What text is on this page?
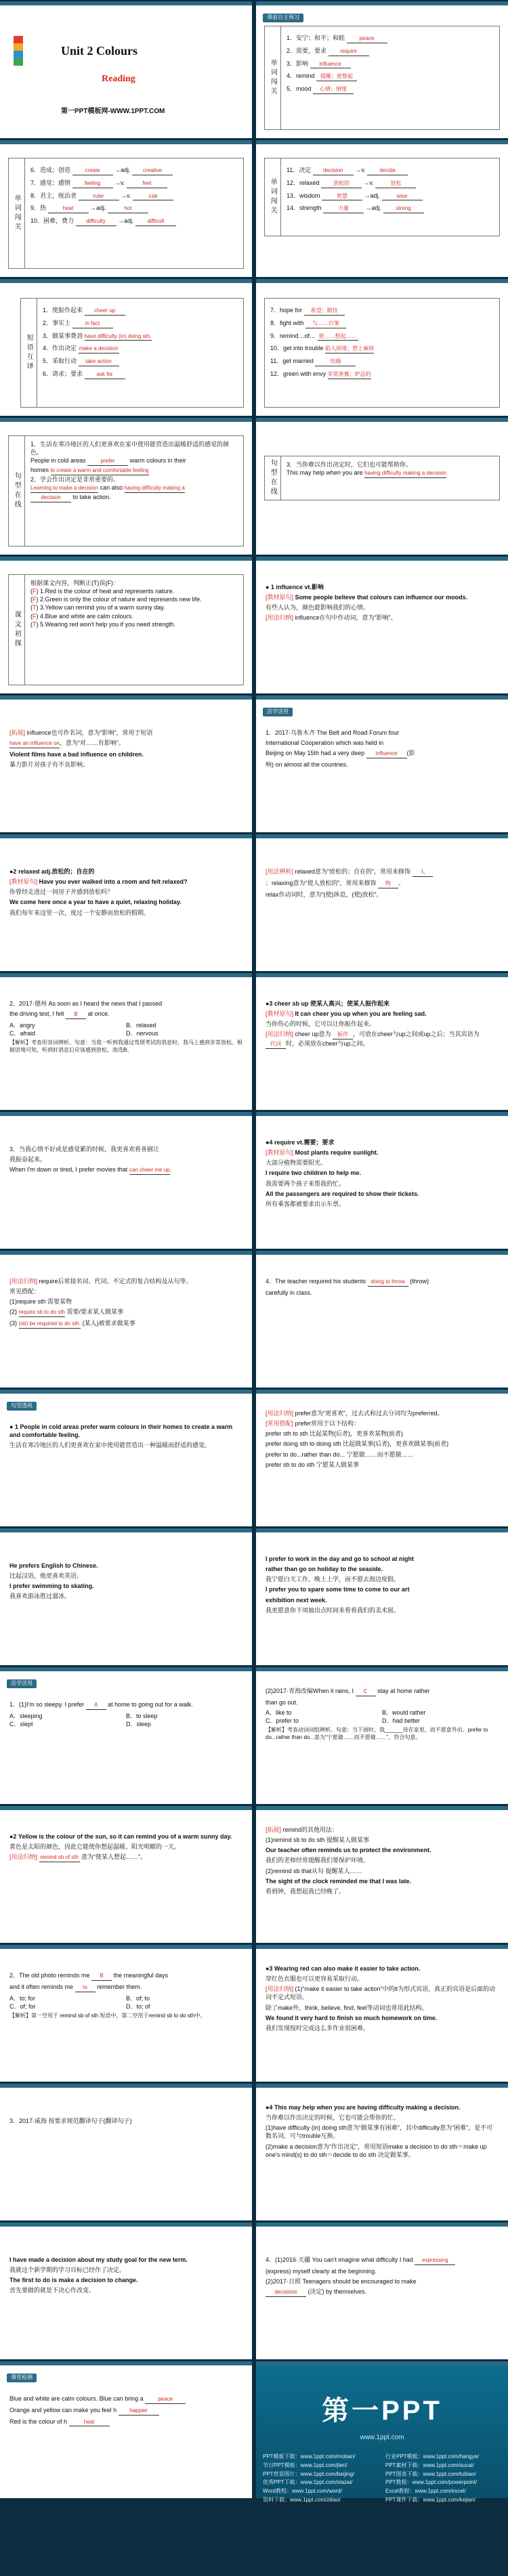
Unit 2 Colours
Reading
第一PPT模板网-WWW.1PPT.COM
课前自主预习
单词闯关
1．安宁；和平；和睦	peace
2．需要，要求	require
3．影响 influence
4．remind 提醒；使想起
5．mood 心情；情绪
单词闯关
6．造成；创造	create →adj. creative
7．感觉；感情	feeling →v.	feel
8．君主，统治者	ruler →v.	rule
9．热	heat →adj.	hot
10．困难，费力 difficulty →adj. difficult
单词闯关
11．决定 decision →v. decide
12．relaxed	放松的 →v.	放松
13．wisdom	智慧 →adj.	wise
14．strength	力量 →adj. strong
短语互译
1．使振作起来 cheer up
2．事实上	in fact
3．做某事费劲 have difficulty (in) doing sth.
4．作出决定 make a decision
5．采取行动 take action
6．请求；要求	ask for
7．hope for 希望；期待
8．fight with 与……打架
9．remind…of… 使……想起……
10．get into trouble 陷入困境；惹上麻烦
11．get married	结婚
12．green with envy 非常羡慕；妒忌的
句型在线

1．生活在寒冷地区的人们更喜欢在家中使用能营造出温暖舒适的感觉的颜色。

People in cold areas	prefer warm colours in their

homes to create a warm and comfortable feeling

2．学会作出决定是非常重要的。

Learning to make a decision can also having difficulty making a

decision to take action.	句型在线	3．当你难以作出决定时，它们也可能帮助你。

This may help when you are having difficulty making a decision

课文初探

根据课文内容，判断正(T)误(F)：

(F) 1.Red is the colour of heat and represents nature.

(F) 2.Green is only the colour of nature and represents new life.

(T) 3.Yellow can remind you of a warm sunny day.

(F) 4.Blue and white are calm colours.

(T) 5.Wearing red won't help you if you need strength.

● 1 influence vt.影响

[教材原句] Some people believe that colours can influence our moods.

有些人认为，颜色能影响我们的心情。

[用法归纳] influence在句中作动词，意为“影响”。

[拓展] influence也可作名词，意为“影响”，常用于短语

have an influence on，意为“对……有影响”。

Violent films have a bad influence on children.

暴力影片对孩子有不良影响。

活学活用

1．2017·乌鲁木齐 The Belt and Road Forum four

International Cooperation which was held in

Beijing on May 15th had a very deep influence (影

响) on almost all the countries.

●2 relaxed adj.放松的；自在的

[教材原句] Have you ever walked into a room and felt relaxed?

你曾经走进过一间房子并感到放松吗？

We come here once a year to have a quiet, relaxing holiday.

我们每年来这里一次，度过一个安静而放松的假期。

[用法辨析] relaxed意为“放松的；自在的”，常用来修饰 人

；relaxing意为“使人放松的”，常用来修饰 物 。

relax作动词时，意为“(使)休息，(使)放松”。

2．2017·德州 As soon as I heard the news that I passed

the driving test, I felt B at once.

A．angry	B．relaxed
C．afraid	D．nervous

【解析】考查形容词辨析。句意：当我一听到我通过驾照考试的消息时，我马上感到非常放松。根据语境可知，听到好消息后应该感到放松，故选B。

●3 cheer sb up 使某人高兴；使某人振作起来

[教材原句] It can cheer you up when you are feeling sad.

当你伤心的时候，它可以让你振作起来。

[用法归纳] cheer up意为 振作 ，可放在cheer与up之间或up之后；当其宾语为 代词 时，必须放在cheer与up之间。

3．当我心情不好或是感觉累的时候，我更喜欢看喜剧让

我振奋起来。

When I'm down or tired, I prefer movies that can cheer me up.

●4 require vt.需要；要求

[教材原句] Most plants require sunlight.

大部分植物需要阳光。

I require two children to help me.

我需要两个孩子来帮我的忙。

All the passengers are required to show their tickets.

所有乘客都被要求出示车票。

[用法归纳] require后常接名词、代词、不定式的复合结构及从句等。

常见搭配：

(1)require sth 需要某物

(2) require sb to do sth 需要/要求某人做某事

(3) (sb) be required to do sth. (某人)被要求做某事

4．The teacher required his students doing to throw (throw)

carefully in class.

句型透视

● 1 People in cold areas prefer warm colours in their homes to create a warm and comfortable feeling.

生活在寒冷地区的人们更喜欢在家中使用能营造出一种温暖而舒适的感觉。

[用法归纳] prefer意为“更喜欢”，过去式和过去分词均为preferred。

[常用搭配] prefer常用于以下结构：

prefer sth to sth 比起某物(后者)，更喜欢某物(前者)

prefer doing sth to doing sth 比起做某事(后者)，更喜欢做某事(前者)

prefer to do...rather than do... 宁愿做……而不愿做……

prefer sb to do sth 宁愿某人做某事

He prefers English to Chinese.

比起汉语，他更喜欢英语。

I prefer swimming to skating.

我喜欢游泳胜过溜冰。

I prefer to work in the day and go to school at night

rather than go on holiday to the seaside.

我宁愿白天工作，晚上上学，而不愿去海边度假。

I prefer you to spare some time to come to our art

exhibition next week.

我更愿意你下周抽出点时间来看看我们的美术展。

活学活用

1．(1)I'm so sleepy. I prefer A at home to going out for a walk.

A．sleeping	B．to sleep
C．slept	D．sleep

(2)2017·青海改编When it rains, I C stay at home rather

than go out.

A．like to	B．would rather
C．prefer to	D．had better

【解析】考查动词词组辨析。句意：当下雨时，我______待在家里，而不愿意外出。prefer to do...rather than do...意为“宁愿做……而不愿做……”，符合句意。

●2 Yellow is the colour of the sun, so it can remind you of a warm sunny day.

黄色是太阳的颜色，因此它能使你想起温暖、阳光明媚的一天。

[用法归纳] remind sb of sth 意为“使某人想起……”。

[拓展] remind的其他用法：

(1)remind sb to do sth 提醒某人做某事

Our teacher often reminds us to protect the environment.

我们的老师经常提醒我们要保护环境。

(2)remind sb that从句 提醒某人……

The sight of the clock reminded me that I was late.

看到钟，我想起我已经晚了。

2．The old photo reminds me B the meaningful days

and it often reminds me to remember them.

A．to; for	B．of; to
C．of; for	D．to; of

【解析】第一空用于 remind sb of sth 短语中，第二空用于remind sb to do sth中。

●3 Wearing red can also make it easier to take action.

穿红色衣服也可以更容易采取行动。

[用法归纳] (1)“make it easier to take action”中的it为形式宾语，真正的宾语是后面的动词不定式短语。

除了make外，think, believe, find, feel等动词也常用此结构。

We found it very hard to finish so much homework on time.

我们发现按时完成这么多作业很困难。

3．2017·威海 按要求规范翻译句子(翻译句子)

●4 This may help when you are having difficulty making a decision.

当你难以作出决定的时候，它也可能会帮你的忙。

(1)have difficulty (in) doing sth意为“做某事有困难”，其中difficulty意为“困难”，是不可数名词，可与trouble互换。

(2)make a decision意为“作出决定”，常用短语make a decision to do sth＝make up one's mind(s) to do sth＝decide to do sth 决定做某事。

I have made a decision about my study goal for the new term.

我就这个新学期的学习目标已经作了决定。

The first to do is make a decision to change.

首先要做的就是下决心作改变。

4．(1)2016·天疆 You can't imagine what difficulty I had expressing

(express) myself clearly at the beginning.

(2)2017·日照 Teenagers should be encouraged to make

decisions (决定) by themselves.

课堂检测

Blue and white are calm colours. Blue can bring a	peace

Orange and yellow can make you feel h happier

Red is the colour of h	heat	第一PPT
www.1ppt.com
PPT模板下载：www.1ppt.com/moban/	行业PPT模板：www.1ppt.com/hangye/
节日PPT模板：www.1ppt.com/jieri/	PPT素材下载：www.1ppt.com/sucai/
PPT背景图片：www.1ppt.com/beijing/	PPT图表下载：www.1ppt.com/tubiao/
优秀PPT下载：www.1ppt.com/xiazai/	PPT教程：www.1ppt.com/powerpoint/
Word教程：www.1ppt.com/word/	Excel教程：www.1ppt.com/excel/
资料下载：www.1ppt.com/ziliao/	PPT课件下载：www.1ppt.com/kejian/
